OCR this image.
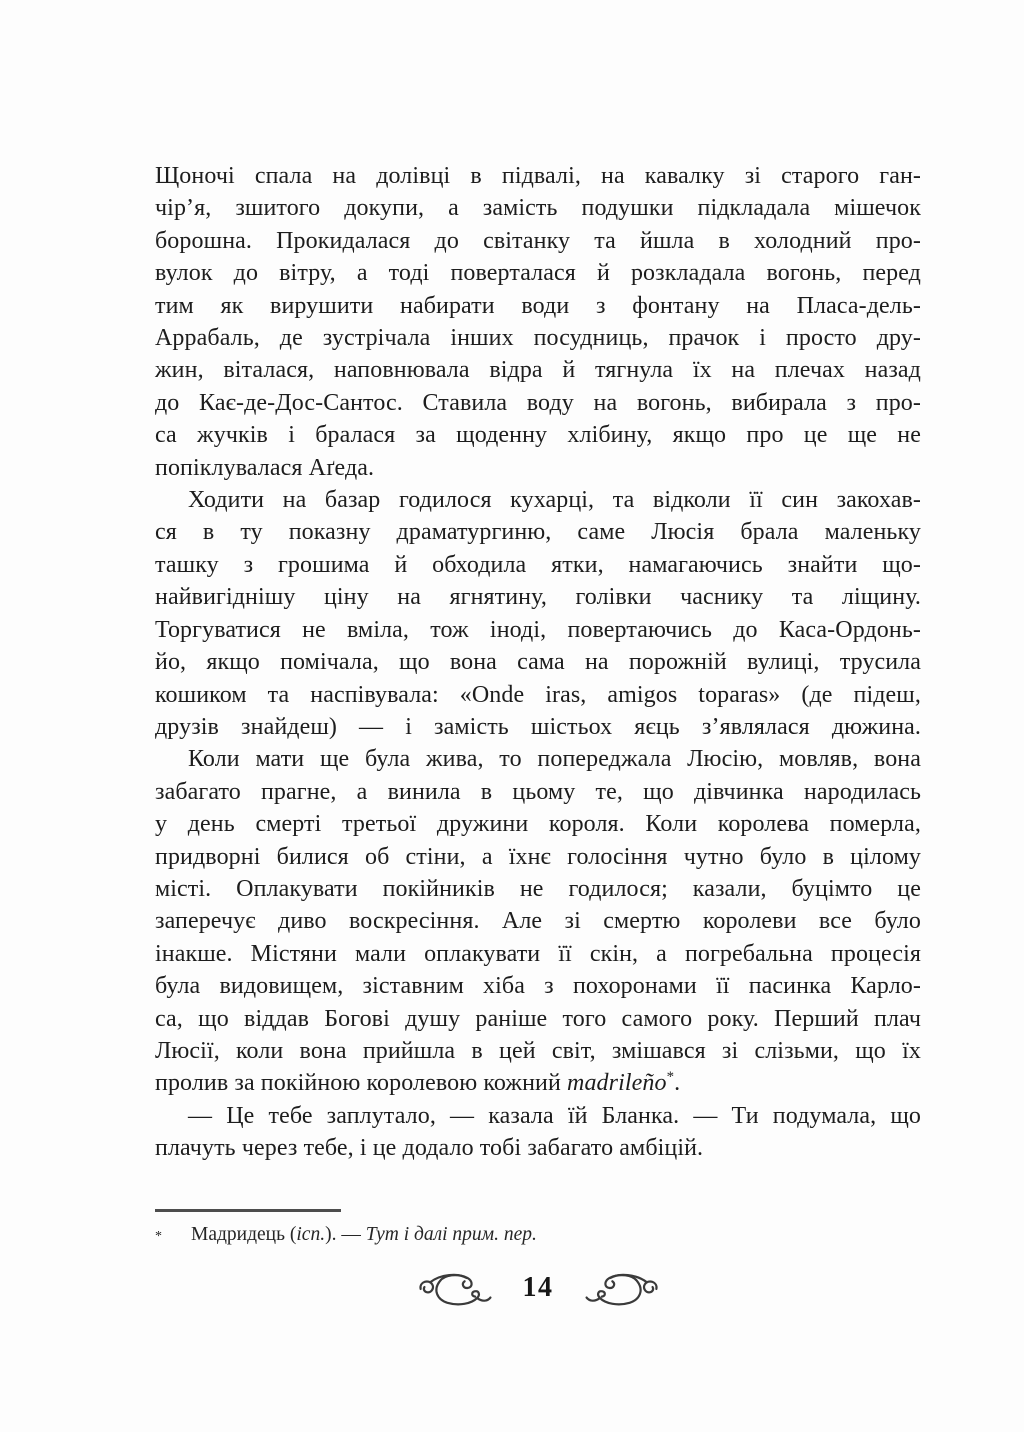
Щоночі спала на долівці в підвалі, на кавалку зі старого ган-
чір’я, зшитого докупи, а замість подушки підкладала мішечок
борошна. Прокидалася до світанку та йшла в холодний про-
вулок до вітру, а тоді поверталася й розкладала вогонь, перед
тим як вирушити набирати води з фонтану на Пласа-дель-
Аррабаль, де зустрічала інших посудниць, прачок і просто дру-
жин, віталася, наповнювала відра й тягнула їх на плечах назад
до Кає-де-Дос-Сантос. Ставила воду на вогонь, вибирала з про-
са жучків і бралася за щоденну хлібину, якщо про це ще не
попіклувалася Аґеда.
Ходити на базар годилося кухарці, та відколи її син закохав-
ся в ту показну драматургиню, саме Люсія брала маленьку
ташку з грошима й обходила ятки, намагаючись знайти що-
найвигіднішу ціну на ягнятину, голівки часнику та ліщину.
Торгуватися не вміла, тож іноді, повертаючись до Каса-Ордонь-
йо, якщо помічала, що вона сама на порожній вулиці, трусила
кошиком та наспівувала: «Onde iras, amigos toparas» (де підеш,
друзів знайдеш) — і замість шістьох яєць з’являлася дюжина.
Коли мати ще була жива, то попереджала Люсію, мовляв, вона
забагато прагне, а винила в цьому те, що дівчинка народилась
у день смерті третьої дружини короля. Коли королева померла,
придворні билися об стіни, а їхнє голосіння чутно було в цілому
місті. Оплакувати покійників не годилося; казали, буцімто це
заперечує диво воскресіння. Але зі смертю королеви все було
інакше. Містяни мали оплакувати її скін, а погребальна процесія
була видовищем, зіставним хіба з похоронами її пасинка Карло-
са, що віддав Богові душу раніше того самого року. Перший плач
Люсії, коли вона прийшла в цей світ, змішався зі слізьми, що їх
пролив за покійною королевою кожний madrileño*.
— Це тебе заплутало, — казала їй Бланка. — Ти подумала, що
плачуть через тебе, і це додало тобі забагато амбіцій.
*	Мадридець (ісп.). — Тут і далі прим. пер.
14
